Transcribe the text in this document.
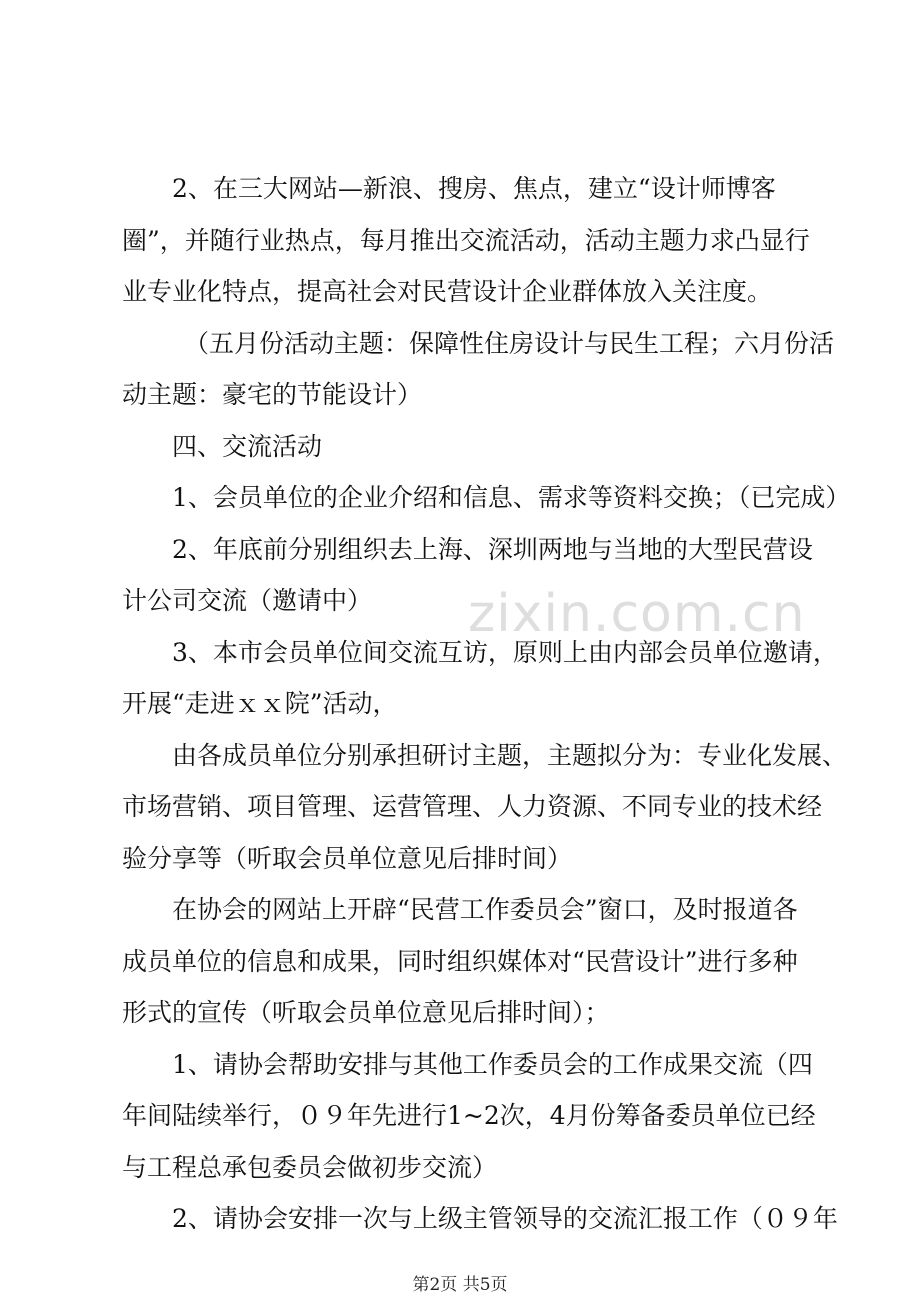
2、在三大网站—新浪、搜房、焦点，建立“设计师博客
圈”，并随行业热点，每月推出交流活动，活动主题力求凸显行
业专业化特点，提高社会对民营设计企业群体放入关注度。
（五月份活动主题：保障性住房设计与民生工程；六月份活
动主题：豪宅的节能设计）
四、交流活动
1、会员单位的企业介绍和信息、需求等资料交换；（已完成）
2、年底前分别组织去上海、深圳两地与当地的大型民营设
计公司交流（邀请中）
3、本市会员单位间交流互访，原则上由内部会员单位邀请，
开展“走进ｘｘ院”活动，
由各成员单位分别承担研讨主题，主题拟分为：专业化发展、
市场营销、项目管理、运营管理、人力资源、不同专业的技术经
验分享等（听取会员单位意见后排时间）
在协会的网站上开辟“民营工作委员会”窗口，及时报道各
成员单位的信息和成果，同时组织媒体对“民营设计”进行多种
形式的宣传（听取会员单位意见后排时间）；
1、请协会帮助安排与其他工作委员会的工作成果交流（四
年间陆续举行，０９年先进行1~2次，4月份筹备委员单位已经
与工程总承包委员会做初步交流）
2、请协会安排一次与上级主管领导的交流汇报工作（０９年
zixin.com.cn
第2页 共5页
